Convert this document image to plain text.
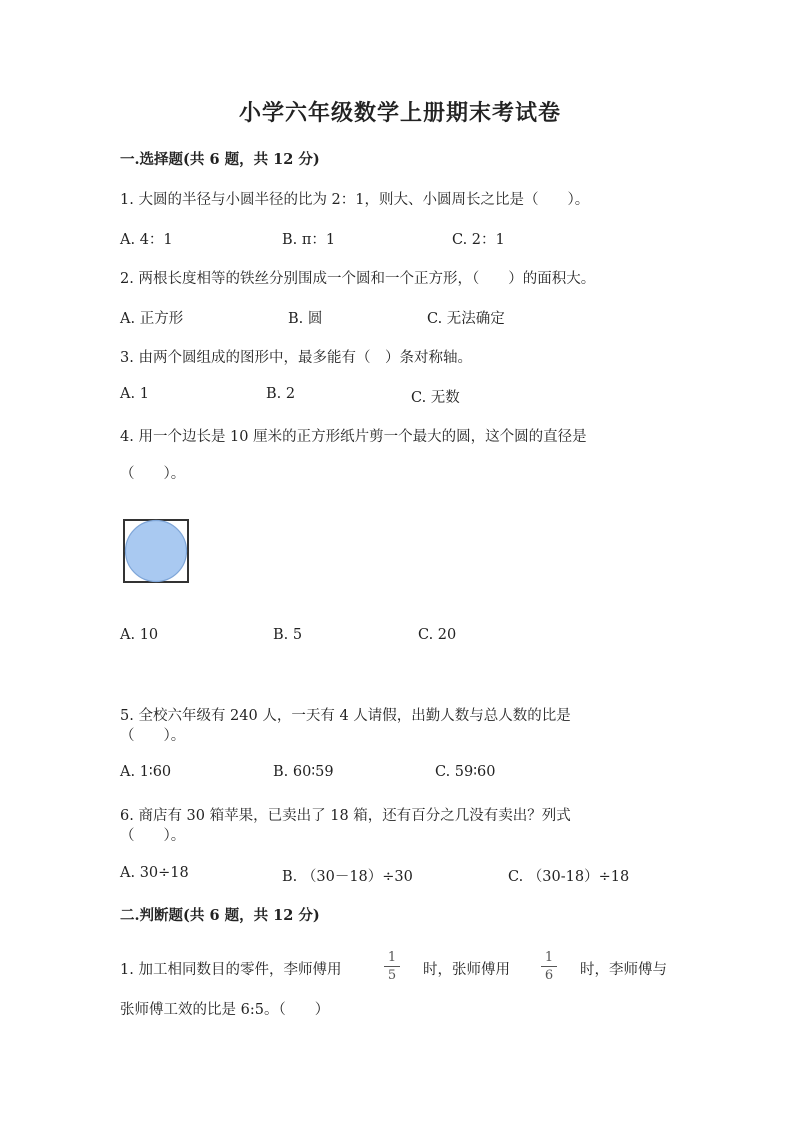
小学六年级数学上册期末考试卷
一.选择题(共 6 题，共 12 分)
1. 大圆的半径与小圆半径的比为 2：1，则大、小圆周长之比是（　　）。
A. 4：1	B. π：1	C. 2：1
2. 两根长度相等的铁丝分别围成一个圆和一个正方形，（　　）的面积大。
A. 正方形	B. 圆	C. 无法确定
3. 由两个圆组成的图形中，最多能有（　）条对称轴。
A. 1	B. 2	C. 无数
4. 用一个边长是 10 厘米的正方形纸片剪一个最大的圆，这个圆的直径是
（　　）。
A. 10	B. 5	C. 20
5. 全校六年级有 240 人，一天有 4 人请假，出勤人数与总人数的比是
（　　）。
A. 1∶60	B. 60∶59	C. 59∶60
6. 商店有 30 箱苹果，已卖出了 18 箱，还有百分之几没有卖出？列式
（　　）。
A. 30÷18	B. （30－18）÷30	C. （30-18）÷18
二.判断题(共 6 题，共 12 分)
1. 加工相同数目的零件，李师傅用
1
5 时，张师傅用
1
6 时，李师傅与
张师傅工效的比是 6:5。（　　）
